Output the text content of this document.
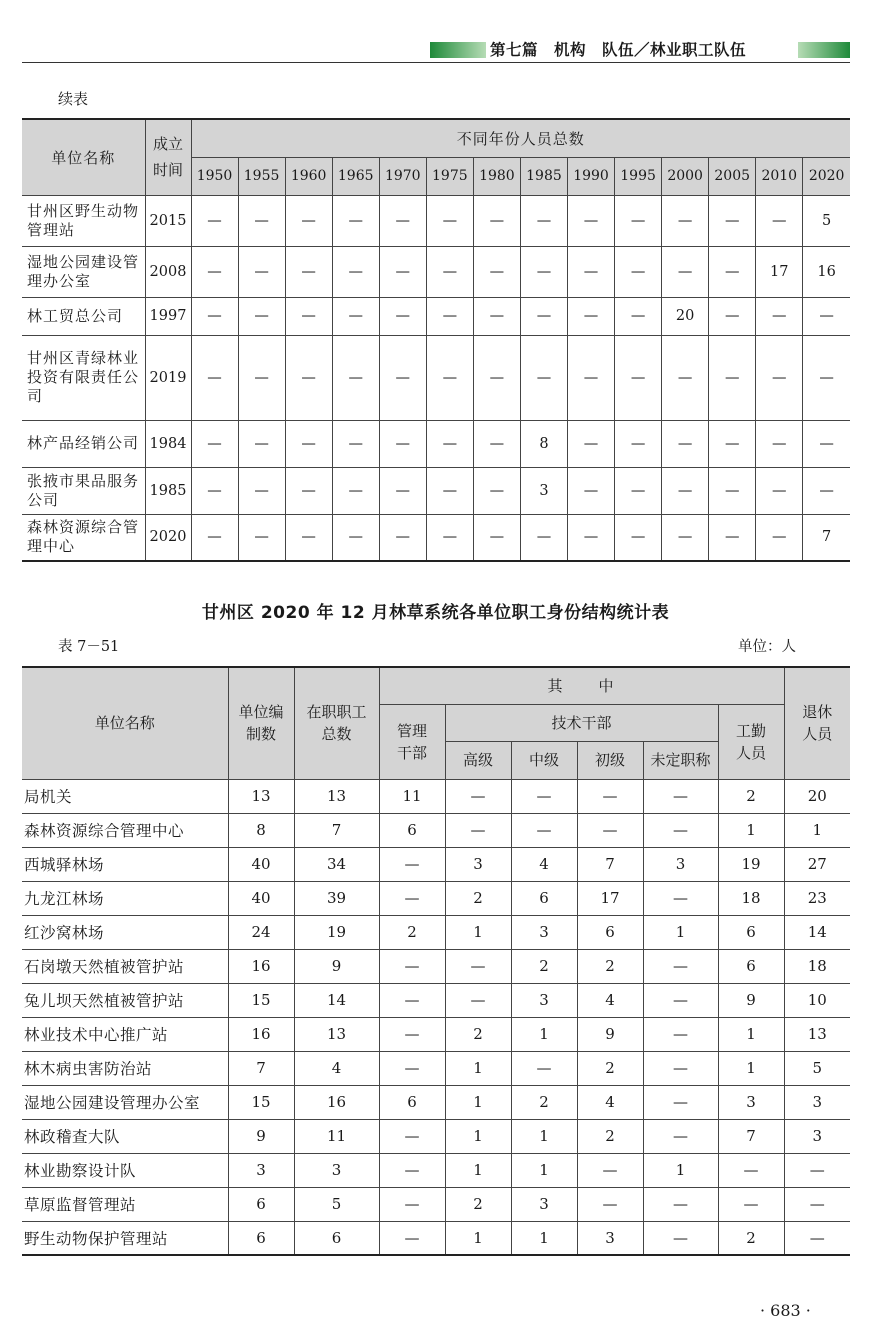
第七篇　机构　队伍／林业职工队伍
续表
单位名称	成立时间	不同年份人员总数													
		1950	1955	1960	1965	1970	1975	1980	1985	1990	1995	2000	2005	2010	2020
甘州区野生动物管理站	2015	—	—	—	—	—	—	—	—	—	—	—	—	—	5
湿地公园建设管理办公室	2008	—	—	—	—	—	—	—	—	—	—	—	—	17	16
林工贸总公司	1997	—	—	—	—	—	—	—	—	—	—	20	—	—	—
甘州区青绿林业投资有限责任公司	2019	—	—	—	—	—	—	—	—	—	—	—	—	—	—
林产品经销公司	1984	—	—	—	—	—	—	—	8	—	—	—	—	—	—
张掖市果品服务公司	1985	—	—	—	—	—	—	—	3	—	—	—	—	—	—
森林资源综合管理中心	2020	—	—	—	—	—	—	—	—	—	—	—	—	—	7
甘州区 2020 年 12 月林草系统各单位职工身份结构统计表
表 7－51	单位：人
单位名称	单位编制数	在职职工总数	其　　中						退休人员
			管理干部	技术干部				工勤人员	
				高级	中级	初级	未定职称		
局机关	13	13	11	—	—	—	—	2	20
森林资源综合管理中心	8	7	6	—	—	—	—	1	1
西城驿林场	40	34	—	3	4	7	3	19	27
九龙江林场	40	39	—	2	6	17	—	18	23
红沙窝林场	24	19	2	1	3	6	1	6	14
石岗墩天然植被管护站	16	9	—	—	2	2	—	6	18
兔儿坝天然植被管护站	15	14	—	—	3	4	—	9	10
林业技术中心推广站	16	13	—	2	1	9	—	1	13
林木病虫害防治站	7	4	—	1	—	2	—	1	5
湿地公园建设管理办公室	15	16	6	1	2	4	—	3	3
林政稽查大队	9	11	—	1	1	2	—	7	3
林业勘察设计队	3	3	—	1	1	—	1	—	—
草原监督管理站	6	5	—	2	3	—	—	—	—
野生动物保护管理站	6	6	—	1	1	3	—	2	—
· 683 ·
